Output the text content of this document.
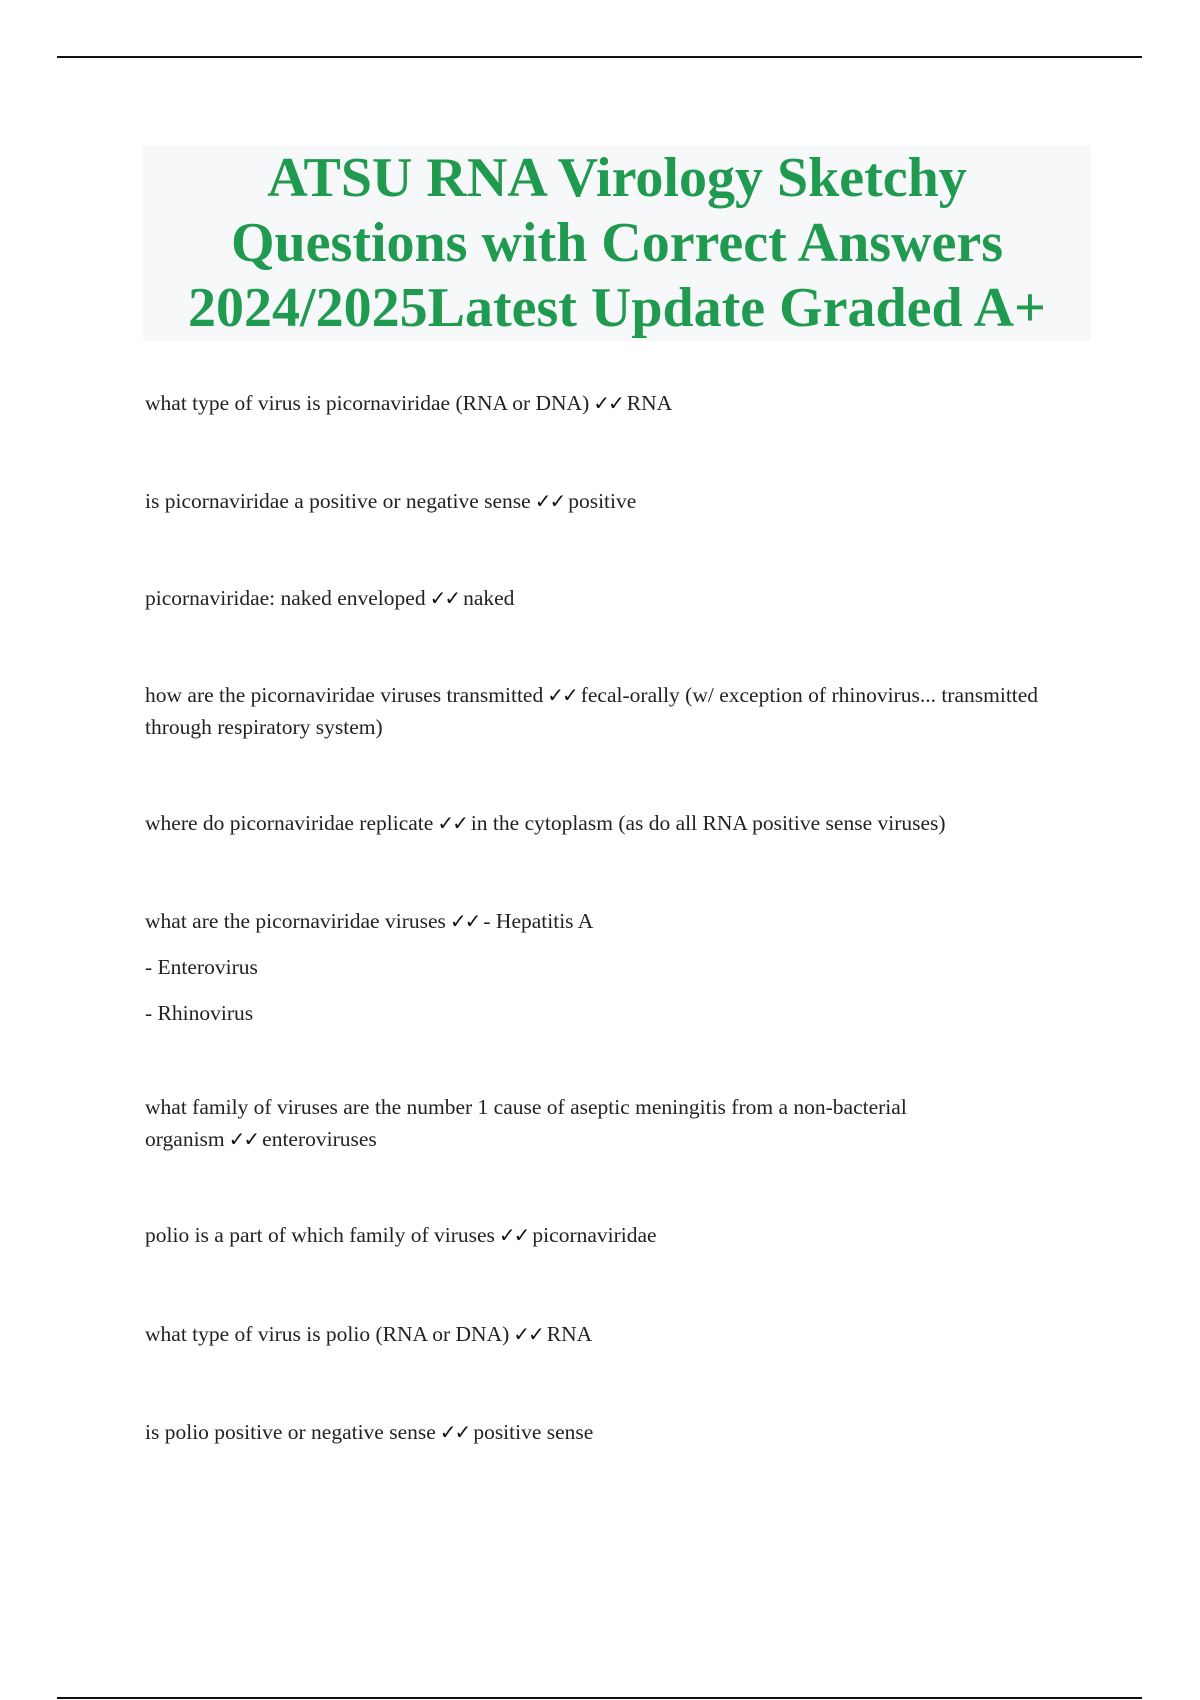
ATSU RNA Virology Sketchy
Questions with Correct Answers
2024/2025Latest Update Graded A+

what type of virus is picornaviridae (RNA or DNA) ✓✓ RNA

is picornaviridae a positive or negative sense ✓✓ positive

picornaviridae: naked enveloped ✓✓ naked

how are the picornaviridae viruses transmitted ✓✓ fecal-orally (w/ exception of rhinovirus... transmitted through respiratory system)

where do picornaviridae replicate ✓✓ in the cytoplasm (as do all RNA positive sense viruses)

what are the picornaviridae viruses ✓✓ - Hepatitis A

- Enterovirus

- Rhinovirus

what family of viruses are the number 1 cause of aseptic meningitis from a non-bacterial organism ✓✓ enteroviruses

polio is a part of which family of viruses ✓✓ picornaviridae

what type of virus is polio (RNA or DNA) ✓✓ RNA

is polio positive or negative sense ✓✓ positive sense
